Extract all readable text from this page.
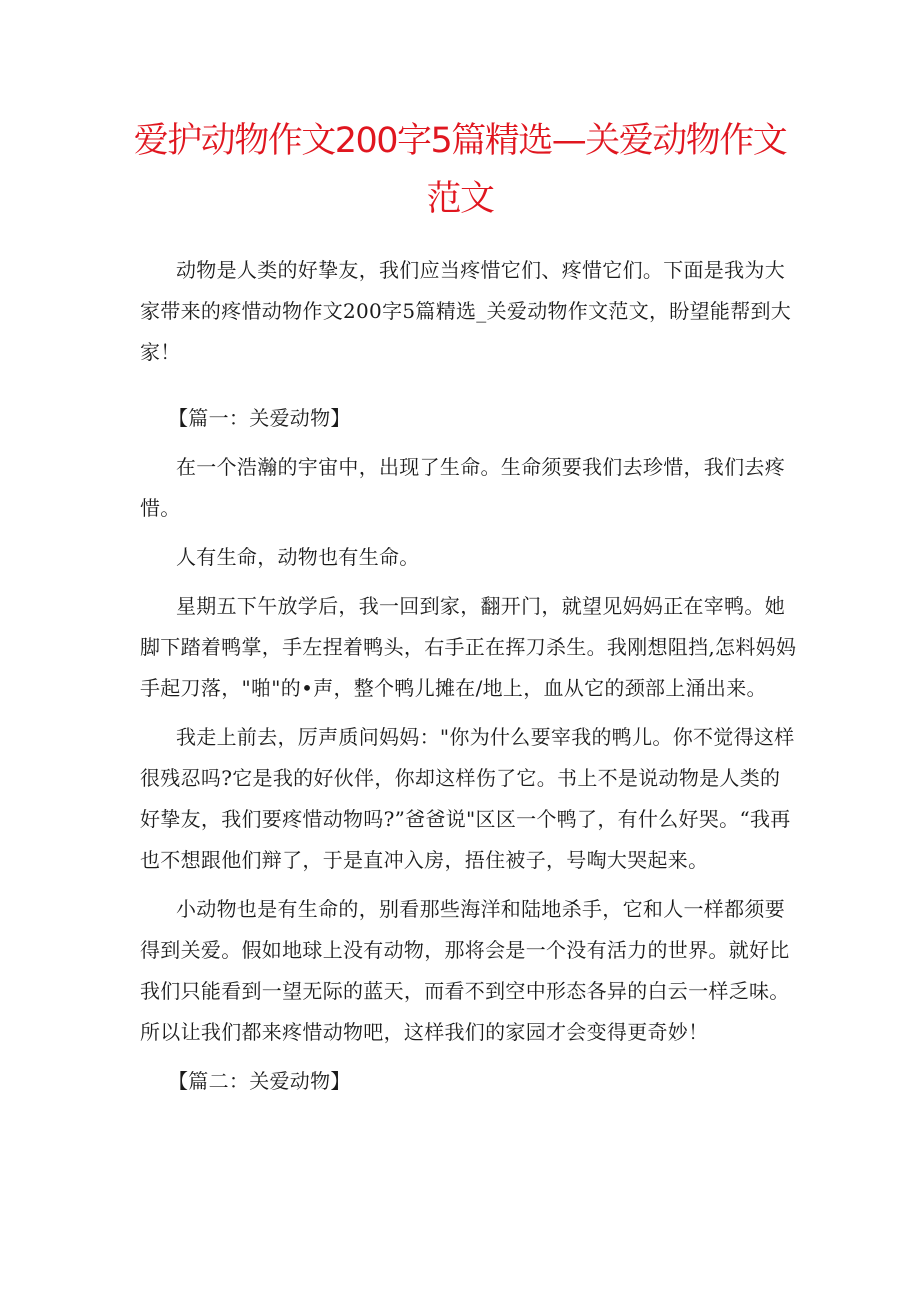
爱护动物作文200字5篇精选—关爱动物作文范文

动物是人类的好挚友，我们应当疼惜它们、疼惜它们。下面是我为大家带来的疼惜动物作文200字5篇精选_关爱动物作文范文，盼望能帮到大家！

【篇一：关爱动物】

在一个浩瀚的宇宙中，出现了生命。生命须要我们去珍惜，我们去疼惜。

人有生命，动物也有生命。

星期五下午放学后，我一回到家，翻开门，就望见妈妈正在宰鸭。她脚下踏着鸭掌，手左捏着鸭头，右手正在挥刀杀生。我刚想阻挡,怎料妈妈手起刀落，"啪"的•声，整个鸭儿摊在/地上，血从它的颈部上涌出来。

我走上前去，厉声质问妈妈："你为什么要宰我的鸭儿。你不觉得这样很残忍吗?它是我的好伙伴，你却这样伤了它。书上不是说动物是人类的好挚友，我们要疼惜动物吗?”爸爸说"区区一个鸭了，有什么好哭。“我再也不想跟他们辩了，于是直冲入房，捂住被子，号啕大哭起来。

小动物也是有生命的，别看那些海洋和陆地杀手，它和人一样都须要得到关爱。假如地球上没有动物，那将会是一个没有活力的世界。就好比我们只能看到一望无际的蓝天，而看不到空中形态各异的白云一样乏味。所以让我们都来疼惜动物吧，这样我们的家园才会变得更奇妙！

【篇二：关爱动物】
